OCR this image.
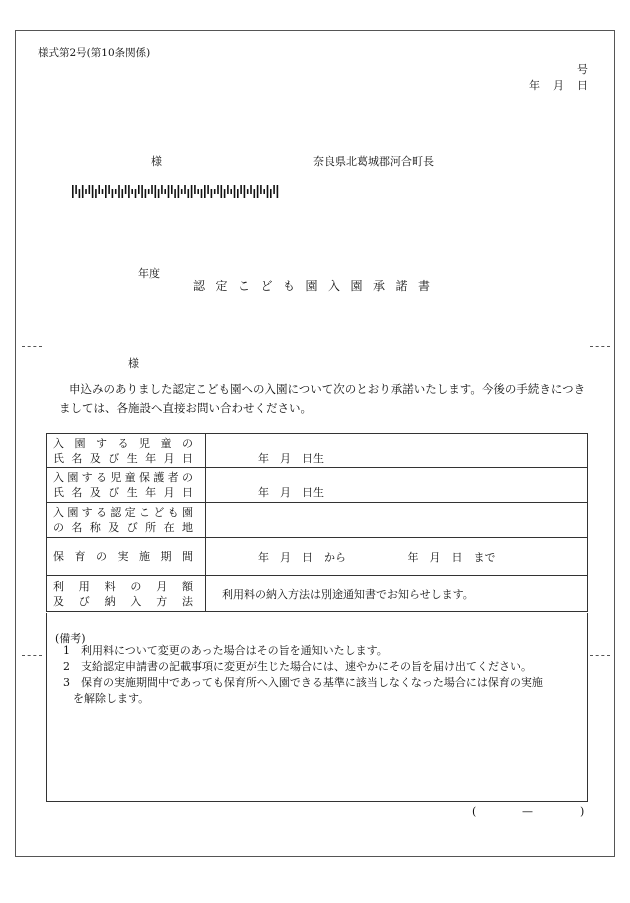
様式第2号(第10条関係)
号
年　月　日
様	奈良県北葛城郡河合町長
年度
認定こども園入園承諾書
様

申込みのありました認定こども園への入園について次のとおり承諾いたします。今後の手続きにつきましては、各施設へ直接お問い合わせください。

入園する児童の
氏名及び生年月日	年　月　日生

入園する児童保護者の
氏名及び生年月日	年　月　日生

入園する認定こども園
の名称及び所在地	

保育の実施期間	年　月　日　から 年　月　日　まで

利用料の月額
及び納入方法	利用料の納入方法は別途通知書でお知らせします。
(備考)
1　利用料について変更のあった場合はその旨を通知いたします。
2　支給認定申請書の記載事項に変更が生じた場合には、速やかにその旨を届け出てください。
3　保育の実施期間中であっても保育所へ入園できる基準に該当しなくなった場合には保育の実施
を解除します。
(	—	)
